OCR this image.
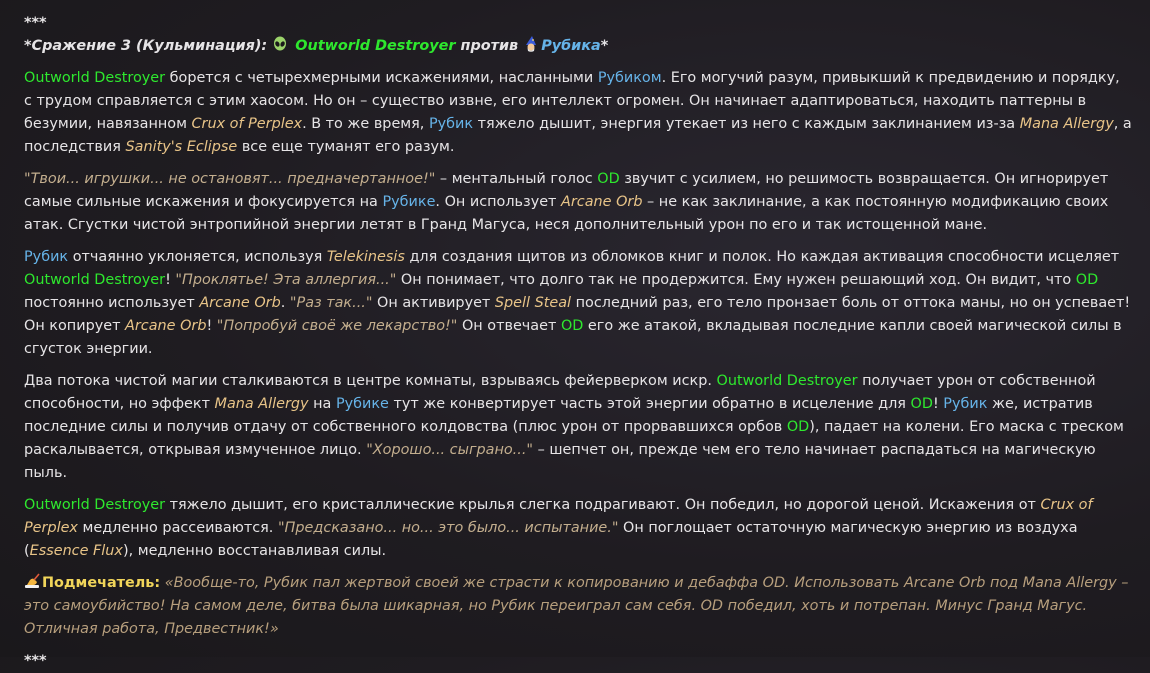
***
*Сражение 3 (Кульминация): Outworld Destroyer против Рубика*

Outworld Destroyer борется с четырехмерными искажениями, насланными Рубиком. Его могучий разум, привыкший к предвидению и порядку, с трудом справляется с этим хаосом. Но он – существо извне, его интеллект огромен. Он начинает адаптироваться, находить паттерны в безумии, навязанном Crux of Perplex. В то же время, Рубик тяжело дышит, энергия утекает из него с каждым заклинанием из-за Mana Allergy, а последствия Sanity's Eclipse все еще туманят его разум.

"Твои... игрушки... не остановят... предначертанное!" – ментальный голос OD звучит с усилием, но решимость возвращается. Он игнорирует самые сильные искажения и фокусируется на Рубике. Он использует Arcane Orb – не как заклинание, а как постоянную модификацию своих атак. Сгустки чистой энтропийной энергии летят в Гранд Магуса, неся дополнительный урон по его и так истощенной мане.

Рубик отчаянно уклоняется, используя Telekinesis для создания щитов из обломков книг и полок. Но каждая активация способности исцеляет Outworld Destroyer! "Проклятье! Эта аллергия..." Он понимает, что долго так не продержится. Ему нужен решающий ход. Он видит, что OD постоянно использует Arcane Orb. "Раз так..." Он активирует Spell Steal последний раз, его тело пронзает боль от оттока маны, но он успевает! Он копирует Arcane Orb! "Попробуй своё же лекарство!" Он отвечает OD его же атакой, вкладывая последние капли своей магической силы в сгусток энергии.

Два потока чистой магии сталкиваются в центре комнаты, взрываясь фейерверком искр. Outworld Destroyer получает урон от собственной способности, но эффект Mana Allergy на Рубике тут же конвертирует часть этой энергии обратно в исцеление для OD! Рубик же, истратив последние силы и получив отдачу от собственного колдовства (плюс урон от прорвавшихся орбов OD), падает на колени. Его маска с треском раскалывается, открывая измученное лицо. "Хорошо... сыграно..." – шепчет он, прежде чем его тело начинает распадаться на магическую пыль.

Outworld Destroyer тяжело дышит, его кристаллические крылья слегка подрагивают. Он победил, но дорогой ценой. Искажения от Crux of Perplex медленно рассеиваются. "Предсказано... но... это было... испытание." Он поглощает остаточную магическую энергию из воздуха (Essence Flux), медленно восстанавливая силы.

Подмечатель: «Вообще-то, Рубик пал жертвой своей же страсти к копированию и дебаффа OD. Использовать Arcane Orb под Mana Allergy – это самоубийство! На самом деле, битва была шикарная, но Рубик переиграл сам себя. OD победил, хоть и потрепан. Минус Гранд Магус. Отличная работа, Предвестник!»

***
